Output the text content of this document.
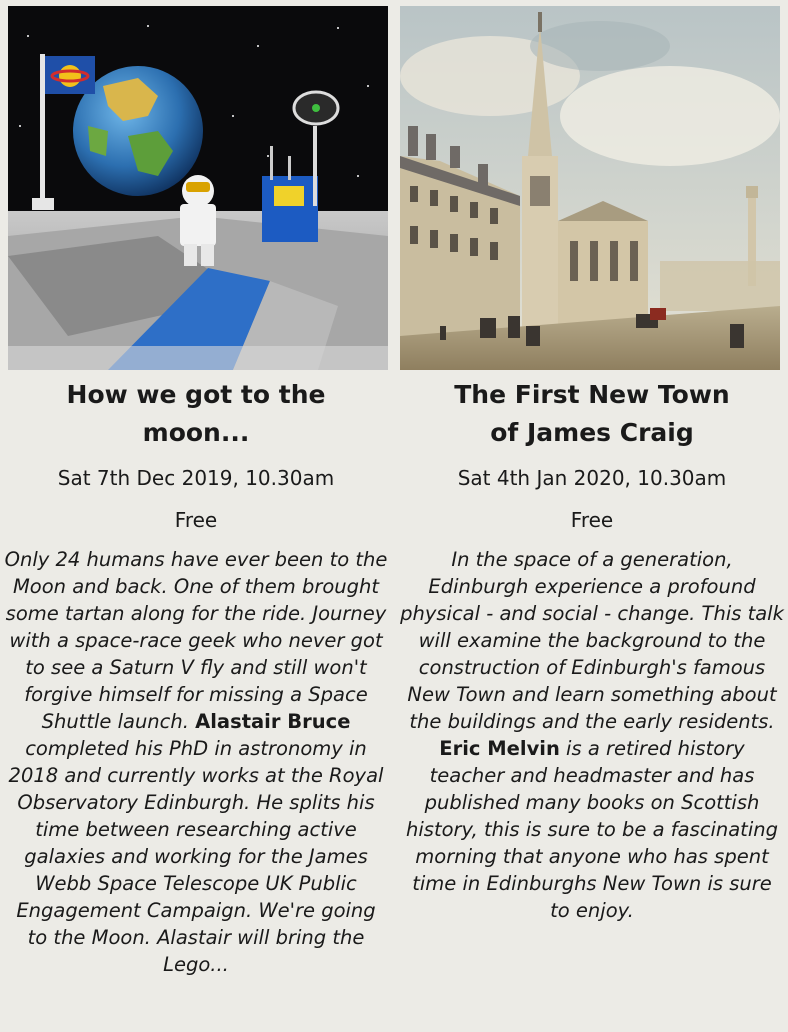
How we got to the
moon...
Sat 7th Dec 2019, 10.30am
Free

Only 24 humans have ever been to the Moon and back. One of them brought some tartan along for the ride. Journey with a space-race geek who never got to see a Saturn V fly and still won't forgive himself for missing a Space Shuttle launch. Alastair Bruce completed his PhD in astronomy in 2018 and currently works at the Royal Observatory Edinburgh. He splits his time between researching active galaxies and working for the James Webb Space Telescope UK Public Engagement Campaign. We're going to the Moon. Alastair will bring the Lego...

The First New Town
of James Craig
Sat 4th Jan 2020, 10.30am
Free

In the space of a generation, Edinburgh experience a profound physical - and social - change. This talk will examine the background to the construction of Edinburgh's famous New Town and learn something about the buildings and the early residents. Eric Melvin is a retired history teacher and headmaster and has published many books on Scottish history, this is sure to be a fascinating morning that anyone who has spent time in Edinburghs New Town is sure to enjoy.
